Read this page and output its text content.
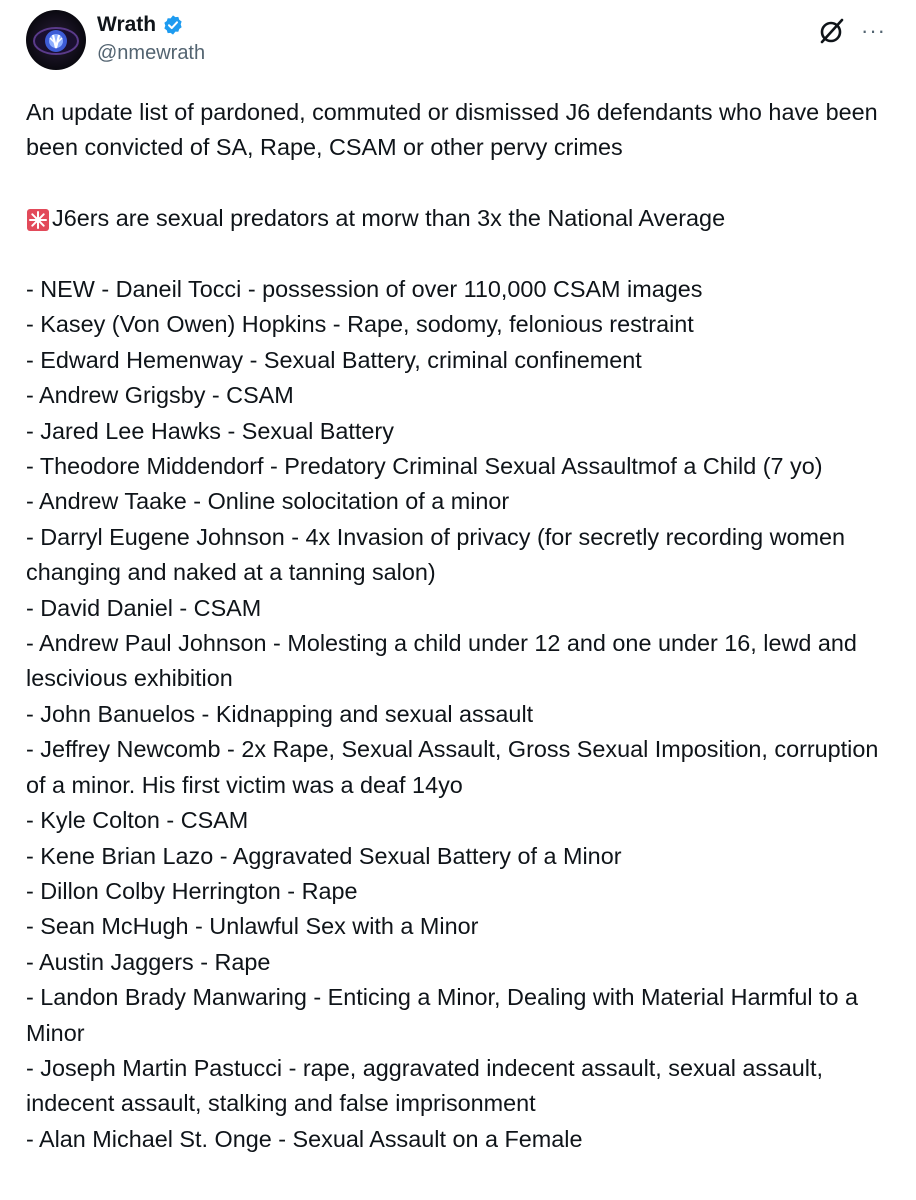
Wrath
@nmewrath
···

An update list of pardoned, commuted or dismissed J6 defendants who have been been convicted of SA, Rape, CSAM or other pervy crimes

J6ers are sexual predators at morw than 3x the National Average

- NEW - Daneil Tocci - possession of over 110,000 CSAM images
- Kasey (Von Owen) Hopkins - Rape, sodomy, felonious restraint
- Edward Hemenway - Sexual Battery, criminal confinement
- Andrew Grigsby - CSAM
- Jared Lee Hawks - Sexual Battery
- Theodore Middendorf - Predatory Criminal Sexual Assaultmof a Child (7 yo)
- Andrew Taake - Online solocitation of a minor
- Darryl Eugene Johnson - 4x Invasion of privacy (for secretly recording women changing and naked at a tanning salon)
- David Daniel - CSAM
- Andrew Paul Johnson - Molesting a child under 12 and one under 16, lewd and lescivious exhibition
- John Banuelos - Kidnapping and sexual assault
- Jeffrey Newcomb - 2x Rape, Sexual Assault, Gross Sexual Imposition, corruption of a minor. His first victim was a deaf 14yo
- Kyle Colton - CSAM
- Kene Brian Lazo - Aggravated Sexual Battery of a Minor
- Dillon Colby Herrington - Rape
- Sean McHugh - Unlawful Sex with a Minor
- Austin Jaggers - Rape
- Landon Brady Manwaring - Enticing a Minor, Dealing with Material Harmful to a Minor
- Joseph Martin Pastucci - rape, aggravated indecent assault, sexual assault, indecent assault, stalking and false imprisonment
- Alan Michael St. Onge - Sexual Assault on a Female
